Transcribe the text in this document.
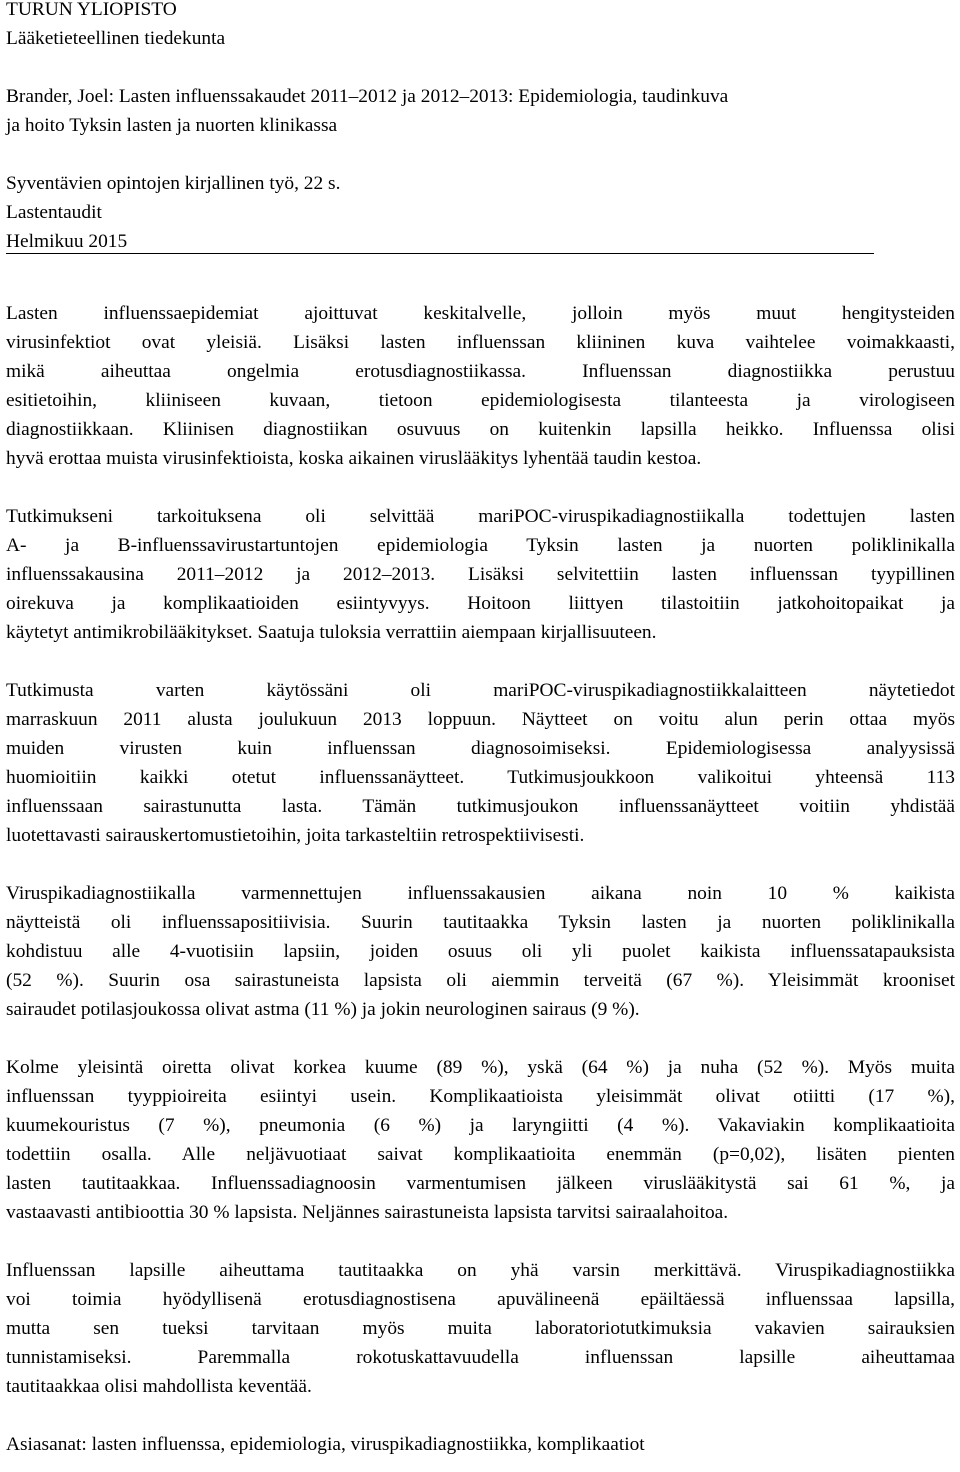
TURUN YLIOPISTO
Lääketieteellinen tiedekunta
Brander, Joel: Lasten influenssakaudet 2011–2012 ja 2012–2013: Epidemiologia, taudinkuva
ja hoito Tyksin lasten ja nuorten klinikassa
Syventävien opintojen kirjallinen työ, 22 s.
Lastentaudit
Helmikuu 2015
Lasten influenssaepidemiat ajoittuvat keskitalvelle, jolloin myös muut hengitysteiden
virusinfektiot ovat yleisiä. Lisäksi lasten influenssan kliininen kuva vaihtelee voimakkaasti,
mikä aiheuttaa ongelmia erotusdiagnostiikassa. Influenssan diagnostiikka perustuu
esitietoihin, kliiniseen kuvaan, tietoon epidemiologisesta tilanteesta ja virologiseen
diagnostiikkaan. Kliinisen diagnostiikan osuvuus on kuitenkin lapsilla heikko. Influenssa olisi
hyvä erottaa muista virusinfektioista, koska aikainen viruslääkitys lyhentää taudin kestoa.
Tutkimukseni tarkoituksena oli selvittää mariPOC-viruspikadiagnostiikalla todettujen lasten
A- ja B-influenssavirustartuntojen epidemiologia Tyksin lasten ja nuorten poliklinikalla
influenssakausina 2011–2012 ja 2012–2013. Lisäksi selvitettiin lasten influenssan tyypillinen
oirekuva ja komplikaatioiden esiintyvyys. Hoitoon liittyen tilastoitiin jatkohoitopaikat ja
käytetyt antimikrobilääkitykset. Saatuja tuloksia verrattiin aiempaan kirjallisuuteen.
Tutkimusta varten käytössäni oli mariPOC-viruspikadiagnostiikkalaitteen näytetiedot
marraskuun 2011 alusta joulukuun 2013 loppuun. Näytteet on voitu alun perin ottaa myös
muiden virusten kuin influenssan diagnosoimiseksi. Epidemiologisessa analyysissä
huomioitiin kaikki otetut influenssanäytteet. Tutkimusjoukkoon valikoitui yhteensä 113
influenssaan sairastunutta lasta. Tämän tutkimusjoukon influenssanäytteet voitiin yhdistää
luotettavasti sairauskertomustietoihin, joita tarkasteltiin retrospektiivisesti.
Viruspikadiagnostiikalla varmennettujen influenssakausien aikana noin 10 % kaikista
näytteistä oli influenssapositiivisia. Suurin tautitaakka Tyksin lasten ja nuorten poliklinikalla
kohdistuu alle 4-vuotisiin lapsiin, joiden osuus oli yli puolet kaikista influenssatapauksista
(52 %). Suurin osa sairastuneista lapsista oli aiemmin terveitä (67 %). Yleisimmät krooniset
sairaudet potilasjoukossa olivat astma (11 %) ja jokin neurologinen sairaus (9 %).
Kolme yleisintä oiretta olivat korkea kuume (89 %), yskä (64 %) ja nuha (52 %). Myös muita
influenssan tyyppioireita esiintyi usein. Komplikaatioista yleisimmät olivat otiitti (17 %),
kuumekouristus (7 %), pneumonia (6 %) ja laryngiitti (4 %). Vakaviakin komplikaatioita
todettiin osalla. Alle neljävuotiaat saivat komplikaatioita enemmän (p=0,02), lisäten pienten
lasten tautitaakkaa. Influenssadiagnoosin varmentumisen jälkeen viruslääkitystä sai 61 %, ja
vastaavasti antibioottia 30 % lapsista. Neljännes sairastuneista lapsista tarvitsi sairaalahoitoa.
Influenssan lapsille aiheuttama tautitaakka on yhä varsin merkittävä. Viruspikadiagnostiikka
voi toimia hyödyllisenä erotusdiagnostisena apuvälineenä epäiltäessä influenssaa lapsilla,
mutta sen tueksi tarvitaan myös muita laboratoriotutkimuksia vakavien sairauksien
tunnistamiseksi. Paremmalla rokotuskattavuudella influenssan lapsille aiheuttamaa
tautitaakkaa olisi mahdollista keventää.
Asiasanat: lasten influenssa, epidemiologia, viruspikadiagnostiikka, komplikaatiot
